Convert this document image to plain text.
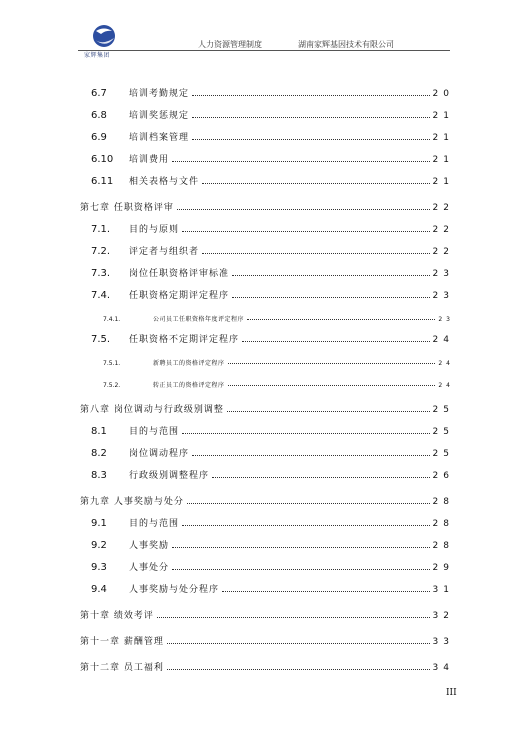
家辉集团
人力资源管理制度	湖南家辉基因技术有限公司
6.7	培训考勤规定	20
6.8	培训奖惩规定	21
6.9	培训档案管理	21
6.10	培训费用	21
6.11	相关表格与文件	21
第七章 任职资格评审	22
7.1.	目的与原则	22
7.2.	评定者与组织者	22
7.3.	岗位任职资格评审标准	23
7.4.	任职资格定期评定程序	23
7.4.1.	公司员工任职资格年度评定程序	23
7.5.	任职资格不定期评定程序	24
7.5.1.	新聘员工的资格评定程序	24
7.5.2.	转正员工的资格评定程序	24
第八章 岗位调动与行政级别调整	25
8.1	目的与范围	25
8.2	岗位调动程序	25
8.3	行政级别调整程序	26
第九章 人事奖励与处分	28
9.1	目的与范围	28
9.2	人事奖励	28
9.3	人事处分	29
9.4	人事奖励与处分程序	31
第十章 绩效考评	32
第十一章 薪酬管理	33
第十二章 员工福利	34
III
